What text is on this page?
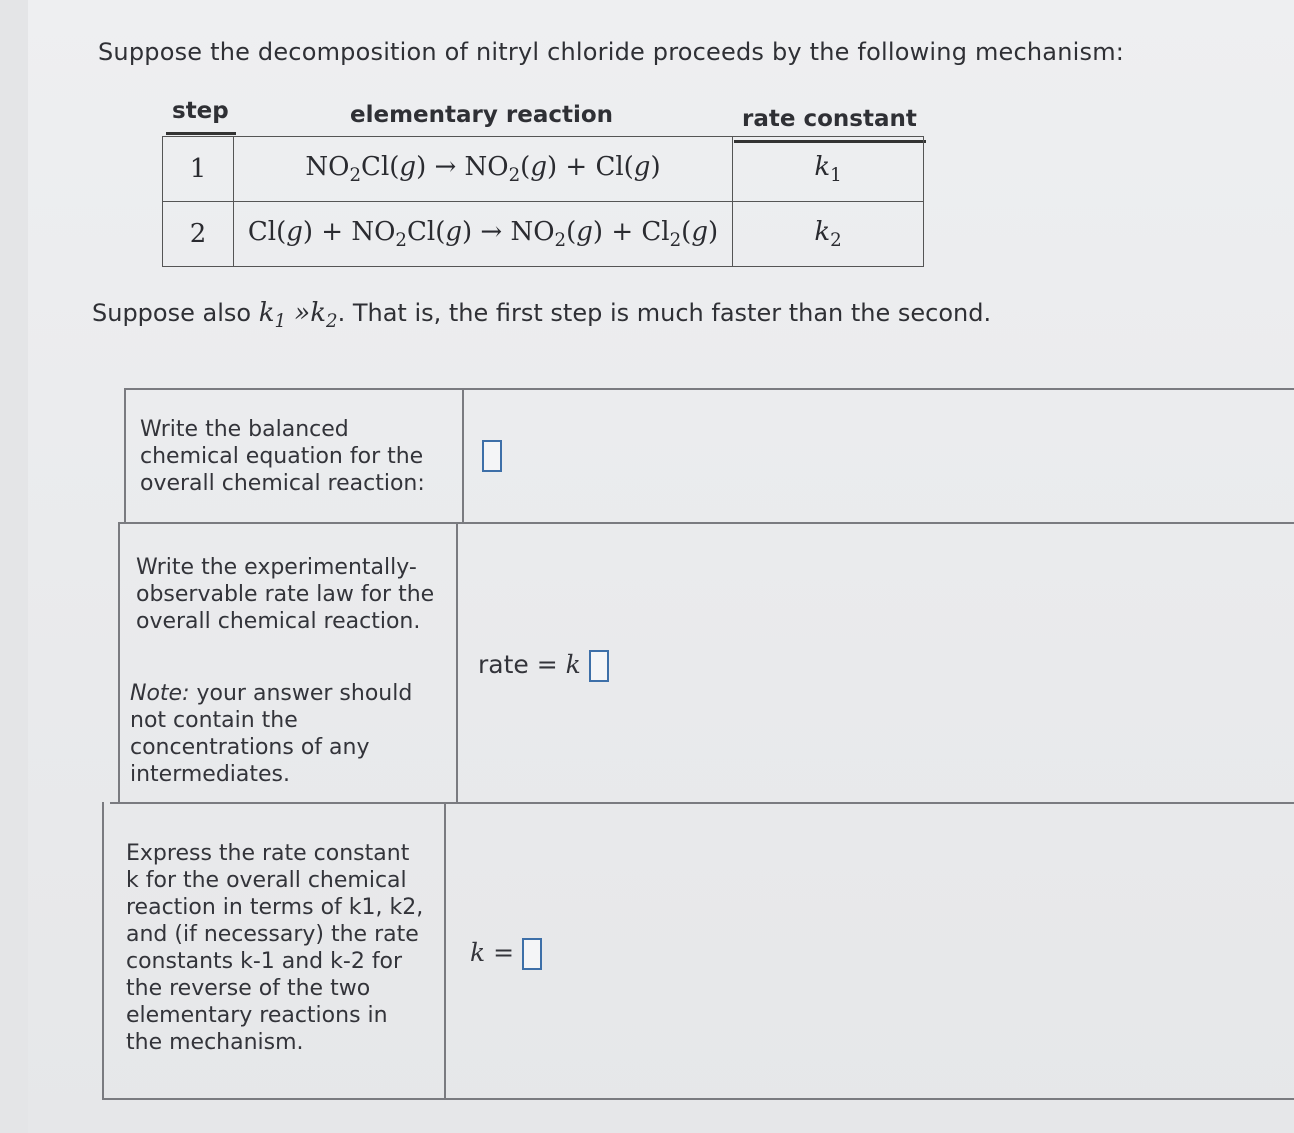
Suppose the decomposition of nitryl chloride proceeds by the following mechanism:
step	elementary reaction	rate constant
1	$NO_2Cl(g) \to NO_2(g) + Cl(g)$	$k_1$
2	$Cl(g) + NO_2Cl(g) \to NO_2(g) + Cl_2(g)$	$k_2$
Suppose also $k_1$ $»k_2$. That is, the first step is much faster than the second.
Write the balanced chemical equation for the overall chemical reaction:
Write the experimentally-observable rate law for the overall chemical reaction.
Note: your answer should not contain the concentrations of any intermediates.
rate = k
Express the rate constant k for the overall chemical reaction in terms of k1, k2, and (if necessary) the rate constants k-1 and k-2 for the reverse of the two elementary reactions in the mechanism.
k =
